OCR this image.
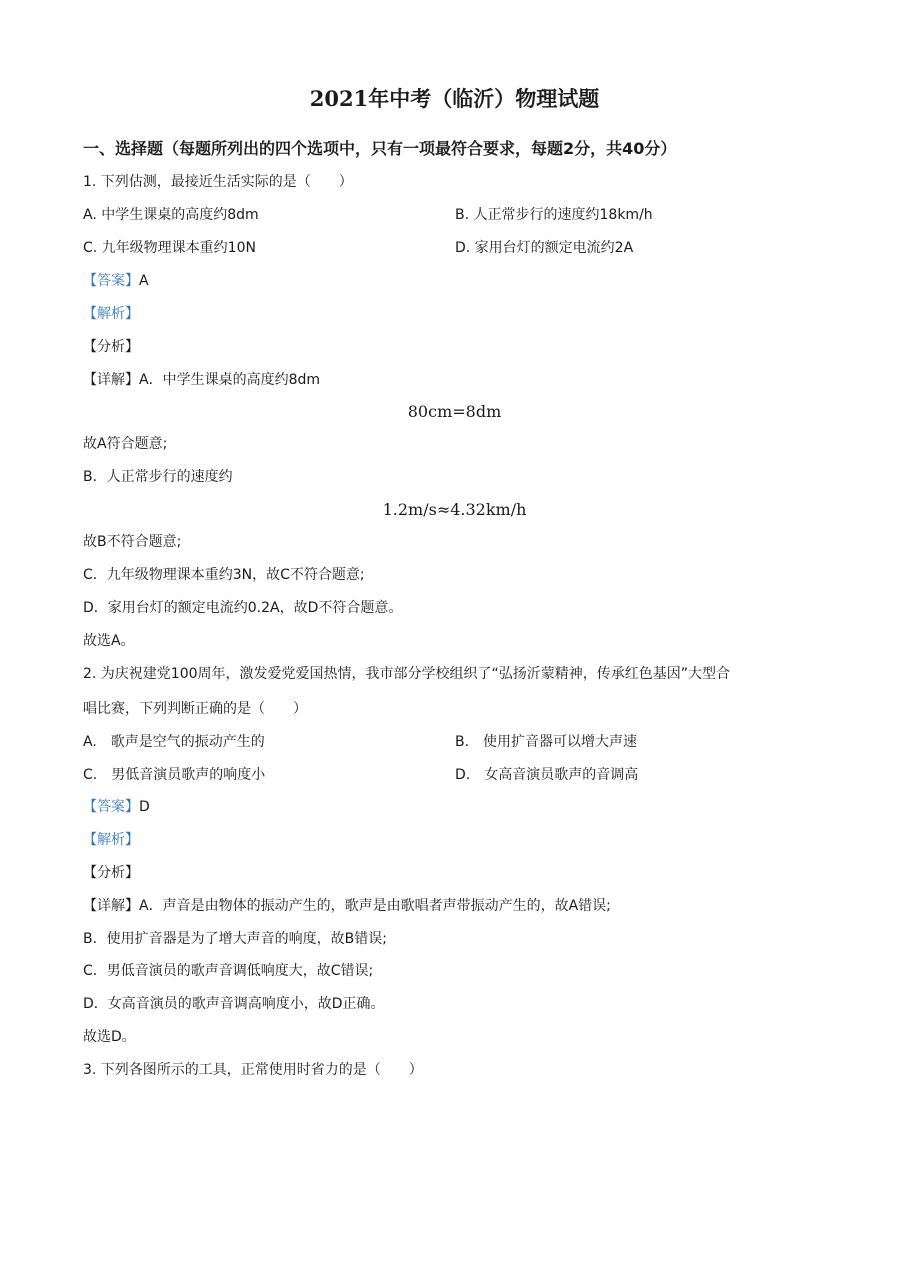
2021年中考（临沂）物理试题
一、选择题（每题所列出的四个选项中，只有一项最符合要求，每题2分，共40分）
1. 下列估测，最接近生活实际的是（　　）
A. 中学生课桌的高度约8dm	B. 人正常步行的速度约18km/h
C. 九年级物理课本重约10N	D. 家用台灯的额定电流约2A
【答案】A
【解析】
【分析】
【详解】A．中学生课桌的高度约8dm
80cm=8dm
故A符合题意;
B．人正常步行的速度约
1.2m/s≈4.32km/h
故B不符合题意;
C．九年级物理课本重约3N，故C不符合题意;
D．家用台灯的额定电流约0.2A，故D不符合题意。
故选A。
2. 为庆祝建党100周年，激发爱党爱国热情，我市部分学校组织了“弘扬沂蒙精神，传承红色基因”大型合
唱比赛，下列判断正确的是（　　）
A.　歌声是空气的振动产生的	B.　使用扩音器可以增大声速
C.　男低音演员歌声的响度小	D.　女高音演员歌声的音调高
【答案】D
【解析】
【分析】
【详解】A．声音是由物体的振动产生的，歌声是由歌唱者声带振动产生的，故A错误;
B．使用扩音器是为了增大声音的响度，故B错误;
C．男低音演员的歌声音调低响度大，故C错误;
D．女高音演员的歌声音调高响度小，故D正确。
故选D。
3. 下列各图所示的工具，正常使用时省力的是（　　）
